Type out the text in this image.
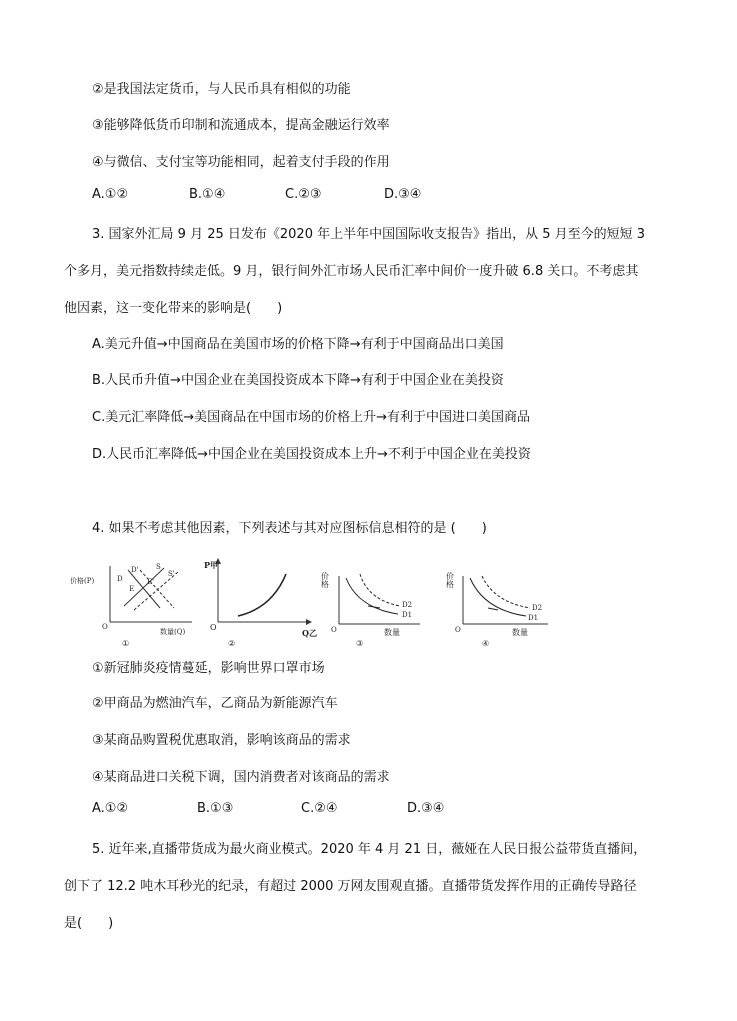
②是我国法定货币，与人民币具有相似的功能
③能够降低货币印制和流通成本，提高金融运行效率
④与微信、支付宝等功能相同，起着支付手段的作用
A.①②	B.①④	C.②③	D.③④
3. 国家外汇局 9 月 25 日发布《2020 年上半年中国国际收支报告》指出，从 5 月至今的短短 3
个多月，美元指数持续走低。9 月，银行间外汇市场人民币汇率中间价一度升破 6.8 关口。不考虑其
他因素，这一变化带来的影响是(　　)
A.美元升值→中国商品在美国市场的价格下降→有利于中国商品出口美国
B.人民币升值→中国企业在美国投资成本下降→有利于中国企业在美投资
C.美元汇率降低→美国商品在中国市场的价格上升→有利于中国进口美国商品
D.人民币汇率降低→中国企业在美国投资成本上升→不利于中国企业在美投资
4. 如果不考虑其他因素，下列表述与其对应图标信息相符的是 (　　)
价格(P)
数量(Q)
O
D' S
S'
D	E'
E
①
P甲
Q乙
O
②
价格
数量
O
D2
D1
③
价格
数量
O
D2
D1
④
①新冠肺炎疫情蔓延，影响世界口罩市场
②甲商品为燃油汽车，乙商品为新能源汽车
③某商品购置税优惠取消，影响该商品的需求
④某商品进口关税下调，国内消费者对该商品的需求
A.①②	B.①③	C.②④	D.③④
5. 近年来,直播带货成为最火商业模式。2020 年 4 月 21 日，薇娅在人民日报公益带货直播间，
创下了 12.2 吨木耳秒光的纪录，有超过 2000 万网友围观直播。直播带货发挥作用的正确传导路径
是(　　)
